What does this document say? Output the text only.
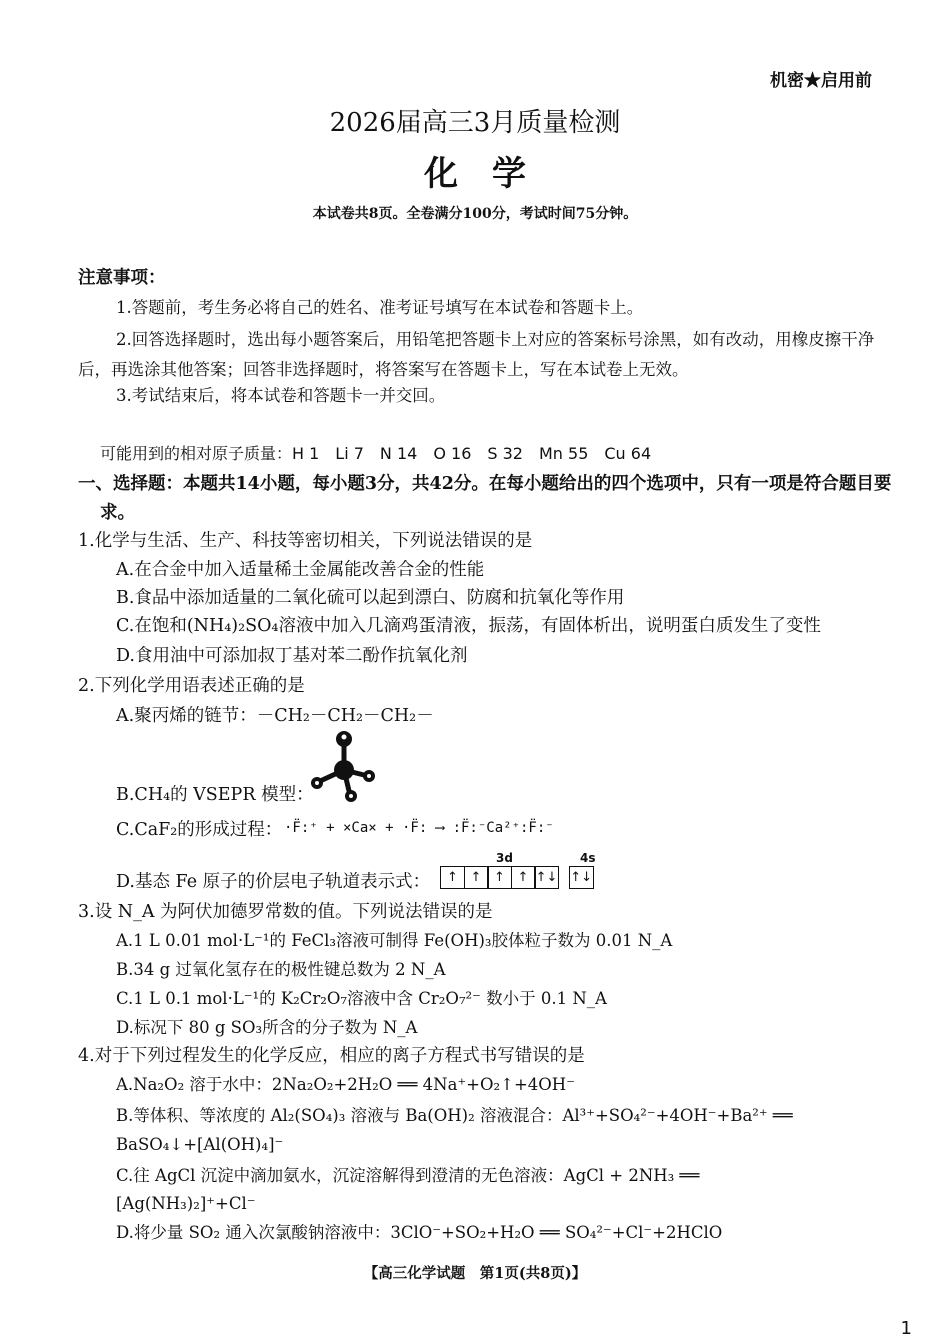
机密★启用前
2026届高三3月质量检测
化学
本试卷共8页。全卷满分100分，考试时间75分钟。
注意事项：
1.答题前，考生务必将自己的姓名、准考证号填写在本试卷和答题卡上。
2.回答选择题时，选出每小题答案后，用铅笔把答题卡上对应的答案标号涂黑，如有改动，用橡皮擦干净后，再选涂其他答案；回答非选择题时，将答案写在答题卡上，写在本试卷上无效。
3.考试结束后，将本试卷和答题卡一并交回。
可能用到的相对原子质量：H 1　Li 7　N 14　O 16　S 32　Mn 55　Cu 64
一、选择题：本题共14小题，每小题3分，共42分。在每小题给出的四个选项中，只有一项是符合题目要求。
1.化学与生活、生产、科技等密切相关，下列说法错误的是
A.在合金中加入适量稀土金属能改善合金的性能
B.食品中添加适量的二氧化硫可以起到漂白、防腐和抗氧化等作用
C.在饱和(NH₄)₂SO₄溶液中加入几滴鸡蛋清液，振荡，有固体析出，说明蛋白质发生了变性
D.食用油中可添加叔丁基对苯二酚作抗氧化剂
2.下列化学用语表述正确的是
A.聚丙烯的链节：－CH₂－CH₂－CH₂－
B.CH₄的 VSEPR 模型：
C.CaF₂的形成过程： ·F̈:⁺ + ×Ca× + ·F̈: ⟶ :F̈:⁻Ca²⁺:F̈:⁻
3d	4s
D.基态 Fe 原子的价层电子轨道表示式：	↑ ↑ ↑ ↑ ↑↓ ↑↓
3.设 N_A 为阿伏加德罗常数的值。下列说法错误的是
A.1 L 0.01 mol·L⁻¹的 FeCl₃溶液可制得 Fe(OH)₃胶体粒子数为 0.01 N_A
B.34 g 过氧化氢存在的极性键总数为 2 N_A
C.1 L 0.1 mol·L⁻¹的 K₂Cr₂O₇溶液中含 Cr₂O₇²⁻ 数小于 0.1 N_A
D.标况下 80 g SO₃所含的分子数为 N_A
4.对于下列过程发生的化学反应，相应的离子方程式书写错误的是
A.Na₂O₂ 溶于水中：2Na₂O₂+2H₂O ══ 4Na⁺+O₂↑+4OH⁻
B.等体积、等浓度的 Al₂(SO₄)₃ 溶液与 Ba(OH)₂ 溶液混合：Al³⁺+SO₄²⁻+4OH⁻+Ba²⁺ ══
BaSO₄↓+[Al(OH)₄]⁻
C.往 AgCl 沉淀中滴加氨水，沉淀溶解得到澄清的无色溶液：AgCl + 2NH₃ ══
[Ag(NH₃)₂]⁺+Cl⁻
D.将少量 SO₂ 通入次氯酸钠溶液中：3ClO⁻+SO₂+H₂O ══ SO₄²⁻+Cl⁻+2HClO
【高三化学试题　第1页(共8页)】
1
